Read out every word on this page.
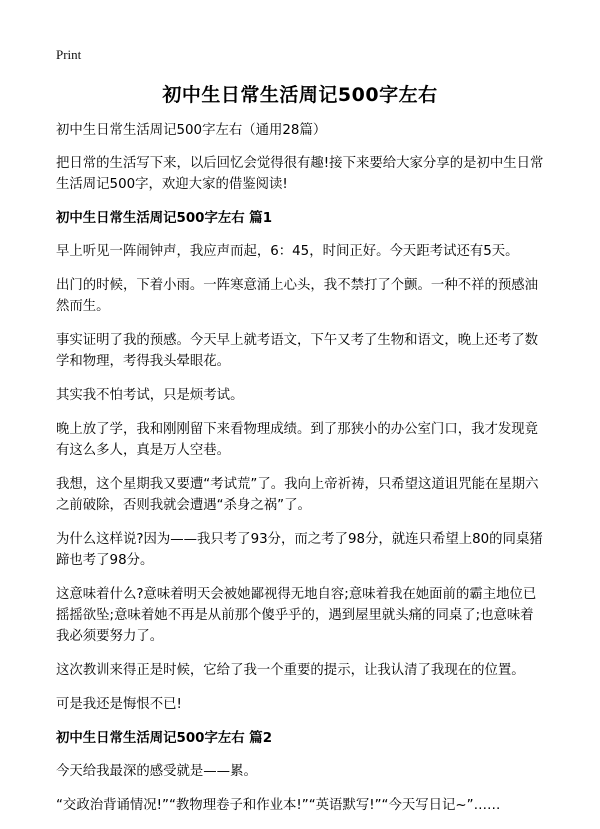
Print
初中生日常生活周记500字左右

初中生日常生活周记500字左右（通用28篇）

把日常的生活写下来，以后回忆会觉得很有趣!接下来要给大家分享的是初中生日常生活周记500字，欢迎大家的借鉴阅读!

初中生日常生活周记500字左右 篇1

早上听见一阵闹钟声，我应声而起，6：45，时间正好。今天距考试还有5天。

出门的时候，下着小雨。一阵寒意涌上心头，我不禁打了个颤。一种不祥的预感油然而生。

事实证明了我的预感。今天早上就考语文，下午又考了生物和语文，晚上还考了数学和物理，考得我头晕眼花。

其实我不怕考试，只是烦考试。

晚上放了学，我和刚刚留下来看物理成绩。到了那狭小的办公室门口，我才发现竟有这么多人，真是万人空巷。

我想，这个星期我又要遭“考试荒”了。我向上帝祈祷，只希望这道诅咒能在星期六之前破除，否则我就会遭遇“杀身之祸”了。

为什么这样说?因为——我只考了93分，而之考了98分，就连只希望上80的同桌猪蹄也考了98分。

这意味着什么?意味着明天会被她鄙视得无地自容;意味着我在她面前的霸主地位已摇摇欲坠;意味着她不再是从前那个傻乎乎的，遇到屋里就头痛的同桌了;也意味着我必须要努力了。

这次教训来得正是时候，它给了我一个重要的提示，让我认清了我现在的位置。

可是我还是悔恨不已!

初中生日常生活周记500字左右 篇2

今天给我最深的感受就是——累。

“交政治背诵情况!”“教物理卷子和作业本!”“英语默写!”“今天写日记~”……
